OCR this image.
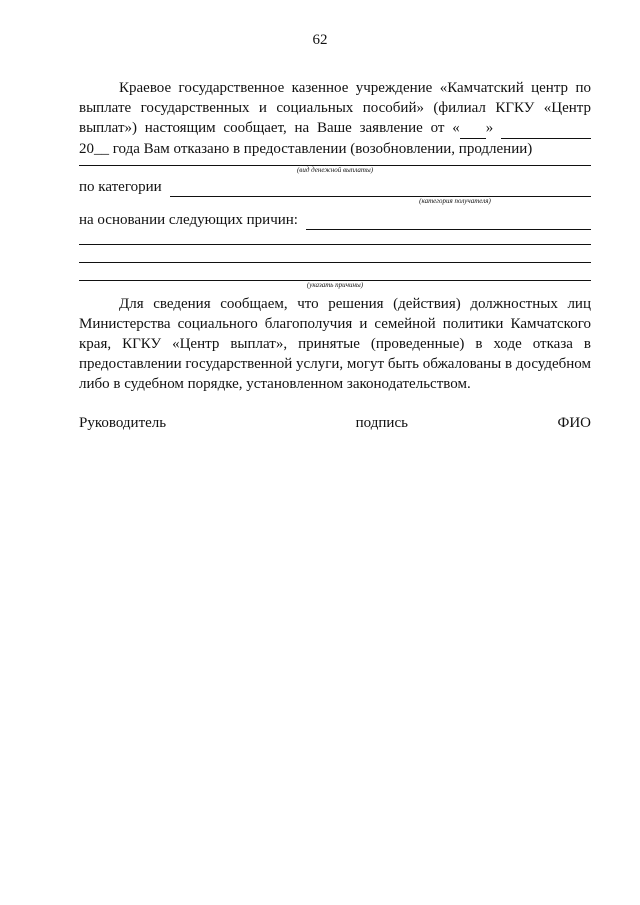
62

Краевое государственное казенное учреждение «Камчатский центр по выплате государственных и социальных пособий» (филиал КГКУ «Центр выплат») настоящим сообщает, на Ваше заявление от « »   20__ года Вам отказано в предоставлении (возобновлении, продлении)

(вид денежной выплаты)
по категории
(категория получателя)
на основании следующих причин:
(указать причины)

Для сведения сообщаем, что решения (действия) должностных лиц Министерства социального благополучия и семейной политики Камчатского края, КГКУ «Центр выплат», принятые (проведенные) в ходе отказа в предоставлении государственной услуги, могут быть обжалованы в досудебном либо в судебном порядке, установленном законодательством.

Руководитель	подпись	ФИО
